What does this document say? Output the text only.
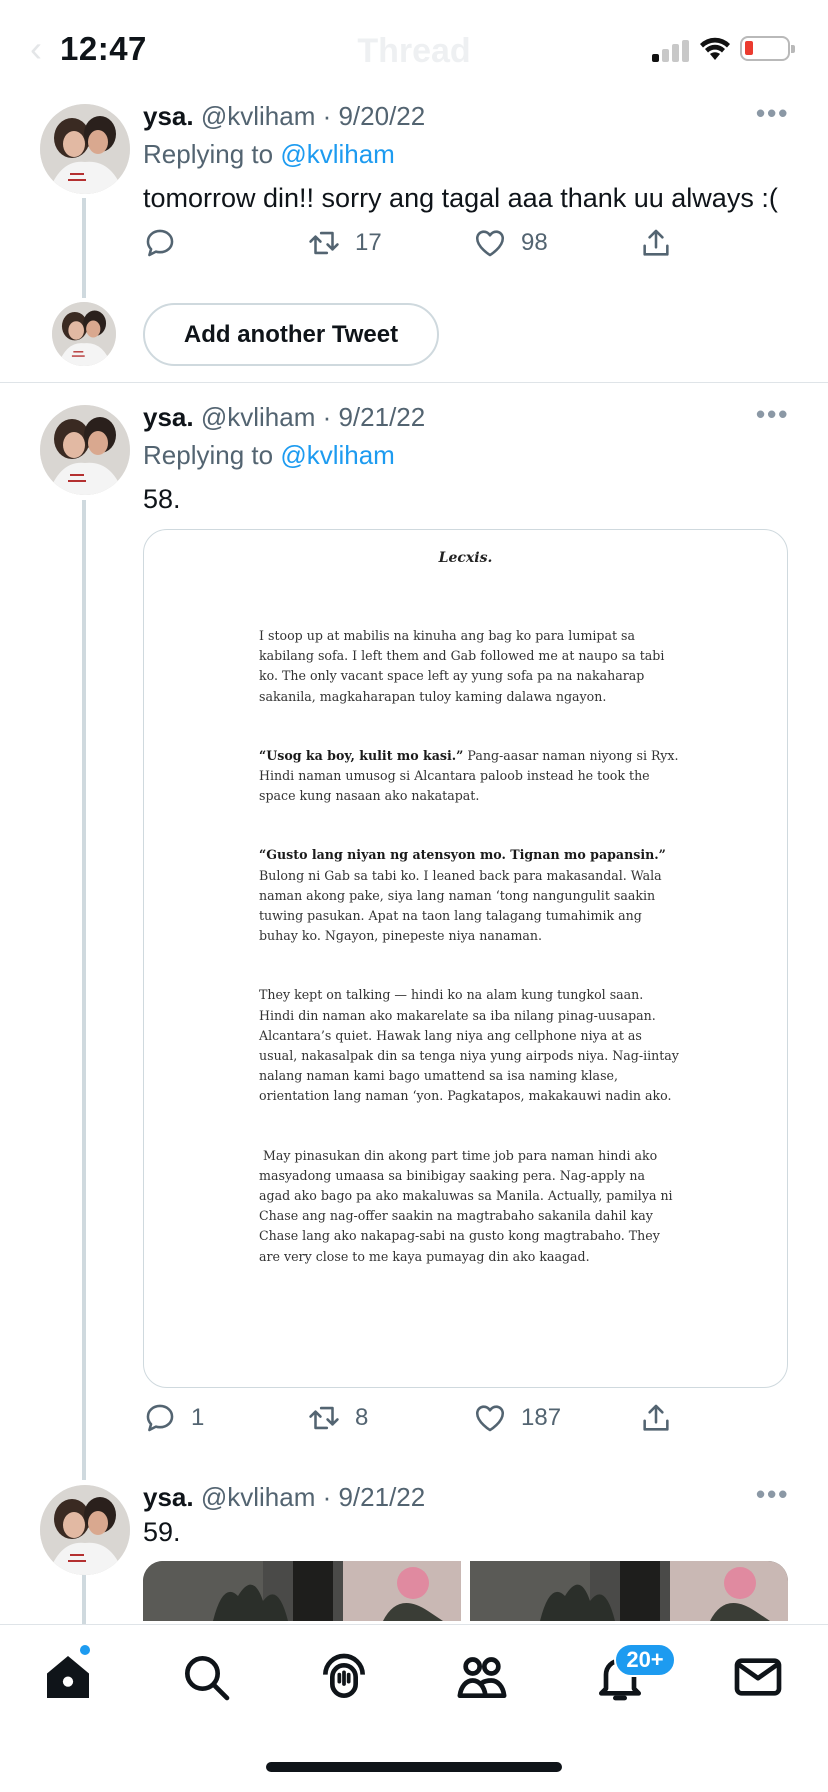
‹	Thread
12:47
ysa. @kvliham · 9/20/22	•••
Replying to @kvliham
tomorrow din!! sorry ang tagal aaa thank uu always :(
17	98
Add another Tweet
ysa. @kvliham · 9/21/22	•••
Replying to @kvliham
58.
Lecxis.

I stoop up at mabilis na kinuha ang bag ko para lumipat sa kabilang sofa. I left them and Gab followed me at naupo sa tabi ko. The only vacant space left ay yung sofa pa na nakaharap sakanila, magkaharapan tuloy kaming dalawa ngayon.

“Usog ka boy, kulit mo kasi.” Pang-aasar naman niyong si Ryx. Hindi naman umusog si Alcantara paloob instead he took the space kung nasaan ako nakatapat.

“Gusto lang niyan ng atensyon mo. Tignan mo papansin.” Bulong ni Gab sa tabi ko. I leaned back para makasandal. Wala naman akong pake, siya lang naman ‘tong nangungulit saakin tuwing pasukan. Apat na taon lang talagang tumahimik ang buhay ko. Ngayon, pinepeste niya nanaman.

They kept on talking — hindi ko na alam kung tungkol saan. Hindi din naman ako makarelate sa iba nilang pinag-uusapan. Alcantara’s quiet. Hawak lang niya ang cellphone niya at as usual, nakasalpak din sa tenga niya yung airpods niya. Nag-iintay nalang naman kami bago umattend sa isa naming klase, orientation lang naman ‘yon. Pagkatapos, makakauwi nadin ako.

May pinasukan din akong part time job para naman hindi ako masyadong umaasa sa binibigay saaking pera. Nag-apply na agad ako bago pa ako makaluwas sa Manila. Actually, pamilya ni Chase ang nag-offer saakin na magtrabaho sakanila dahil kay Chase lang ako nakapag-sabi na gusto kong magtrabaho. They are very close to me kaya pumayag din ako kaagad.

1	8	187
ysa. @kvliham · 9/21/22	•••
59.
20+
